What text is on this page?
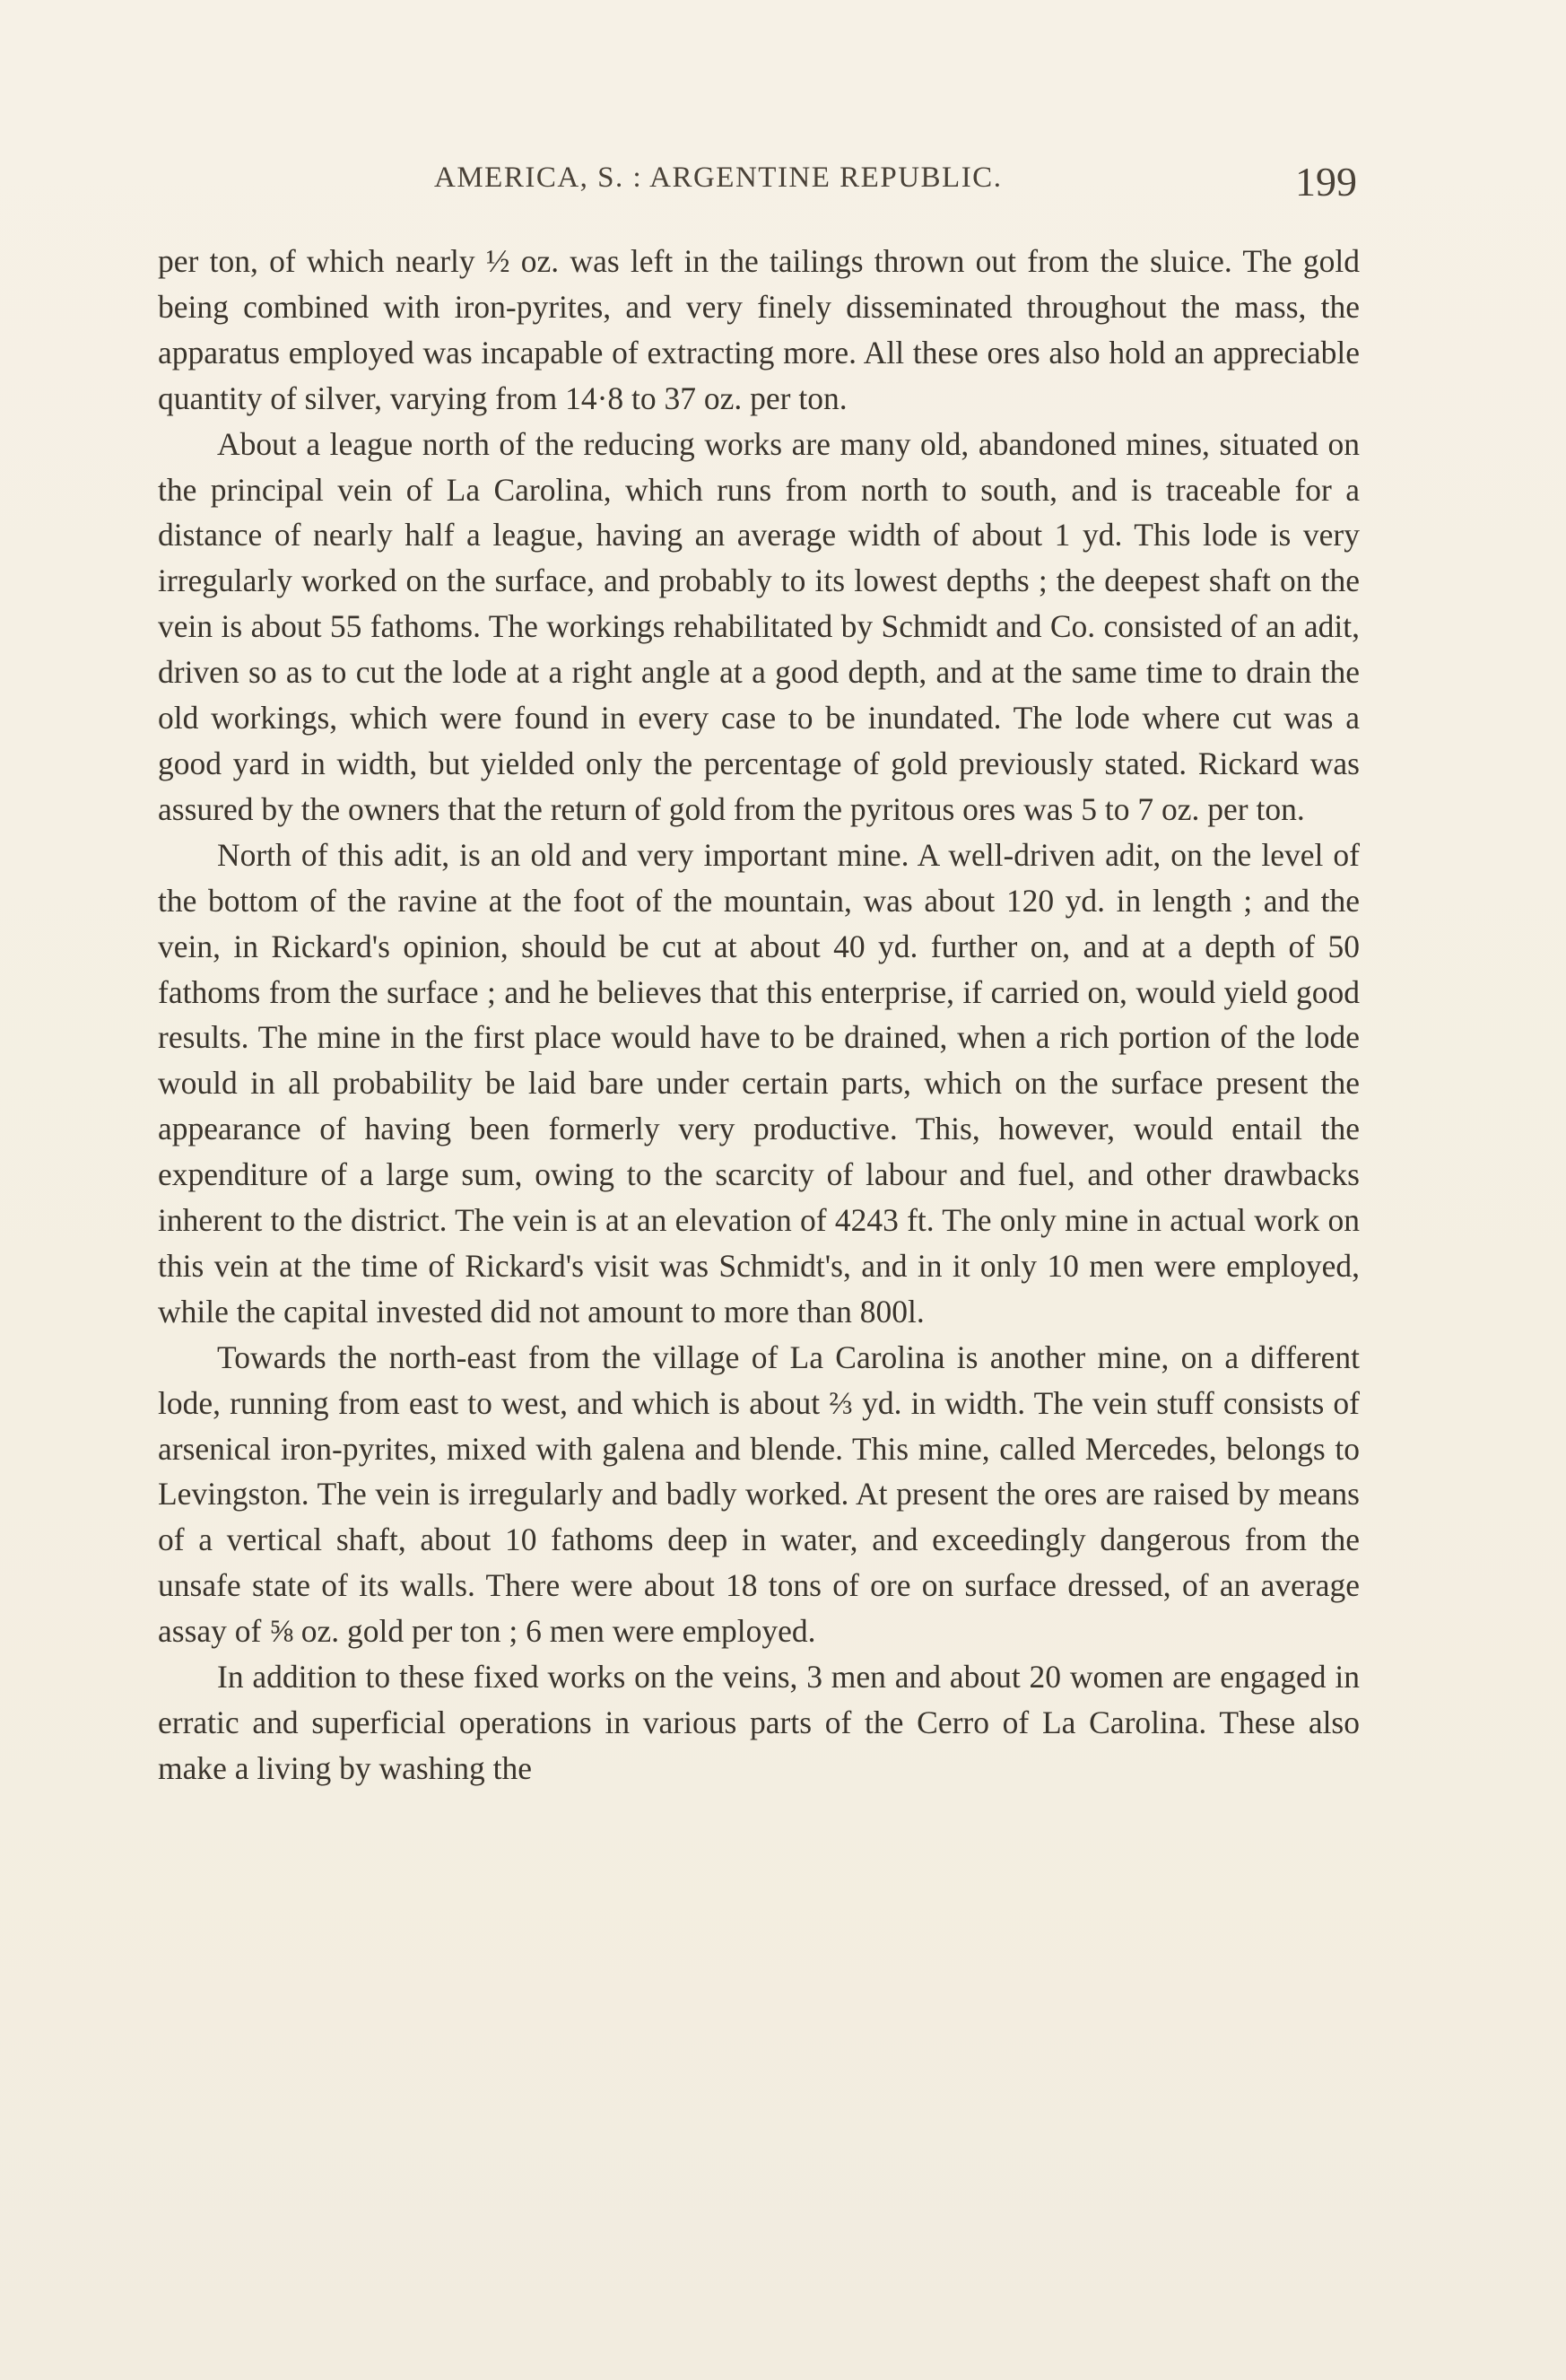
AMERICA, S. : ARGENTINE REPUBLIC.	199

per ton, of which nearly ½ oz. was left in the tailings thrown out from the sluice. The gold being combined with iron-pyrites, and very finely disseminated throughout the mass, the apparatus employed was incapable of extracting more. All these ores also hold an appreciable quantity of silver, varying from 14·8 to 37 oz. per ton.

About a league north of the reducing works are many old, abandoned mines, situated on the principal vein of La Carolina, which runs from north to south, and is traceable for a distance of nearly half a league, having an average width of about 1 yd. This lode is very irregularly worked on the surface, and probably to its lowest depths ; the deepest shaft on the vein is about 55 fathoms. The workings rehabilitated by Schmidt and Co. consisted of an adit, driven so as to cut the lode at a right angle at a good depth, and at the same time to drain the old workings, which were found in every case to be inundated. The lode where cut was a good yard in width, but yielded only the percentage of gold previously stated. Rickard was assured by the owners that the return of gold from the pyritous ores was 5 to 7 oz. per ton.

North of this adit, is an old and very important mine. A well-driven adit, on the level of the bottom of the ravine at the foot of the mountain, was about 120 yd. in length ; and the vein, in Rickard's opinion, should be cut at about 40 yd. further on, and at a depth of 50 fathoms from the surface ; and he believes that this enterprise, if carried on, would yield good results. The mine in the first place would have to be drained, when a rich portion of the lode would in all probability be laid bare under certain parts, which on the surface present the appearance of having been formerly very productive. This, however, would entail the expenditure of a large sum, owing to the scarcity of labour and fuel, and other drawbacks inherent to the district. The vein is at an elevation of 4243 ft. The only mine in actual work on this vein at the time of Rickard's visit was Schmidt's, and in it only 10 men were employed, while the capital invested did not amount to more than 800l.

Towards the north-east from the village of La Carolina is another mine, on a different lode, running from east to west, and which is about ⅔ yd. in width. The vein stuff consists of arsenical iron-pyrites, mixed with galena and blende. This mine, called Mercedes, belongs to Levingston. The vein is irregularly and badly worked. At present the ores are raised by means of a vertical shaft, about 10 fathoms deep in water, and exceedingly dangerous from the unsafe state of its walls. There were about 18 tons of ore on surface dressed, of an average assay of ⅝ oz. gold per ton ; 6 men were employed.

In addition to these fixed works on the veins, 3 men and about 20 women are engaged in erratic and superficial operations in various parts of the Cerro of La Carolina. These also make a living by washing the
